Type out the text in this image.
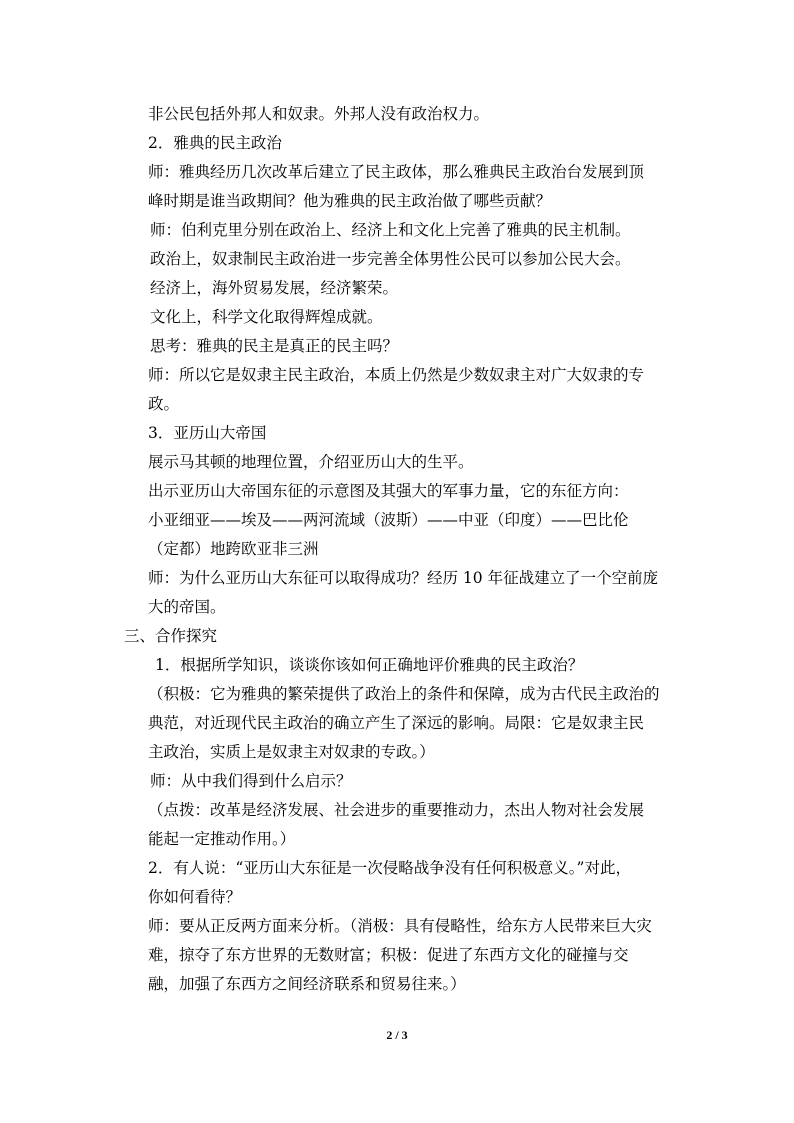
非公民包括外邦人和奴隶。外邦人没有政治权力。
2．雅典的民主政治
师：雅典经历几次改革后建立了民主政体，那么雅典民主政治台发展到顶
峰时期是谁当政期间？他为雅典的民主政治做了哪些贡献？
师：伯利克里分别在政治上、经济上和文化上完善了雅典的民主机制。
政治上，奴隶制民主政治进一步完善全体男性公民可以参加公民大会。
经济上，海外贸易发展，经济繁荣。
文化上，科学文化取得辉煌成就。
思考：雅典的民主是真正的民主吗？
师：所以它是奴隶主民主政治，本质上仍然是少数奴隶主对广大奴隶的专
政。
3．亚历山大帝国
展示马其顿的地理位置，介绍亚历山大的生平。
出示亚历山大帝国东征的示意图及其强大的军事力量，它的东征方向：
小亚细亚——埃及——两河流域（波斯）——中亚（印度）——巴比伦
（定都）地跨欧亚非三洲
师：为什么亚历山大东征可以取得成功？经历 10 年征战建立了一个空前庞
大的帝国。
三、合作探究
1．根据所学知识，谈谈你该如何正确地评价雅典的民主政治？
（积极：它为雅典的繁荣提供了政治上的条件和保障，成为古代民主政治的
典范，对近现代民主政治的确立产生了深远的影响。局限：它是奴隶主民
主政治，实质上是奴隶主对奴隶的专政。）
师：从中我们得到什么启示？
（点拨：改革是经济发展、社会进步的重要推动力，杰出人物对社会发展
能起一定推动作用。）
2．有人说：“亚历山大东征是一次侵略战争没有任何积极意义。”对此，
你如何看待？
师：要从正反两方面来分析。（消极：具有侵略性，给东方人民带来巨大灾
难，掠夺了东方世界的无数财富；积极：促进了东西方文化的碰撞与交
融，加强了东西方之间经济联系和贸易往来。）
2 / 3
